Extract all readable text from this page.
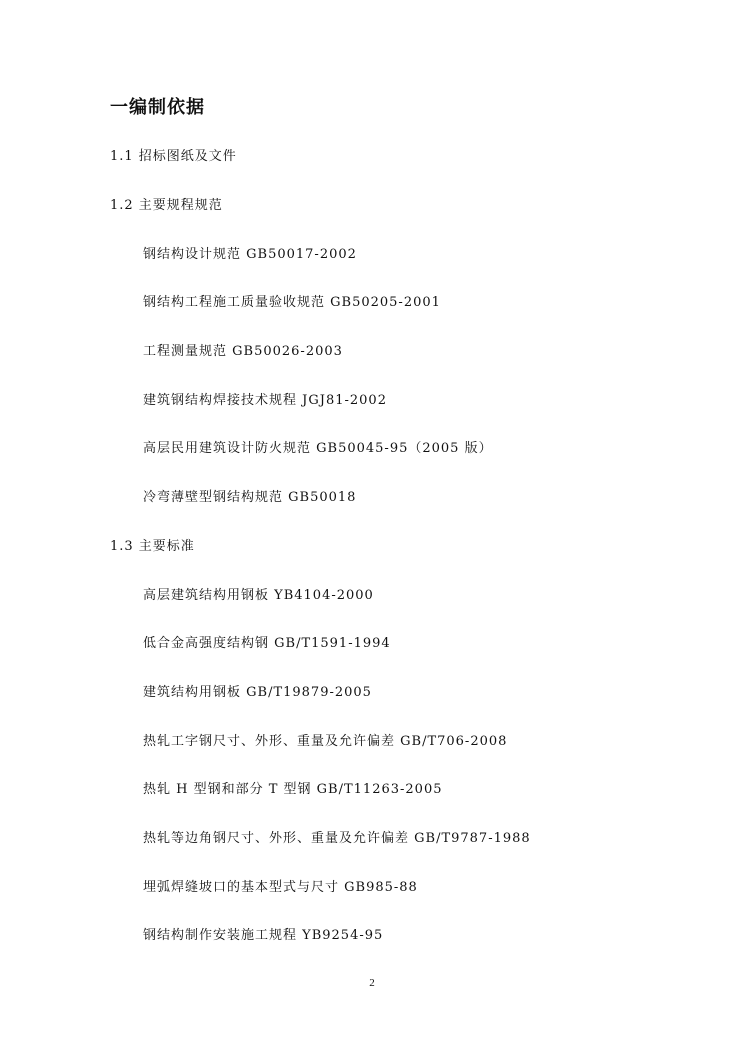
一编制依据
1.1 招标图纸及文件
1.2 主要规程规范
钢结构设计规范 GB50017-2002
钢结构工程施工质量验收规范 GB50205-2001
工程测量规范 GB50026-2003
建筑钢结构焊接技术规程 JGJ81-2002
高层民用建筑设计防火规范 GB50045-95（2005 版）
冷弯薄壁型钢结构规范 GB50018
1.3 主要标准
高层建筑结构用钢板 YB4104-2000
低合金高强度结构钢 GB/T1591-1994
建筑结构用钢板 GB/T19879-2005
热轧工字钢尺寸、外形、重量及允许偏差 GB/T706-2008
热轧 H 型钢和部分 T 型钢 GB/T11263-2005
热轧等边角钢尺寸、外形、重量及允许偏差 GB/T9787-1988
埋弧焊缝坡口的基本型式与尺寸 GB985-88
钢结构制作安装施工规程 YB9254-95
2
